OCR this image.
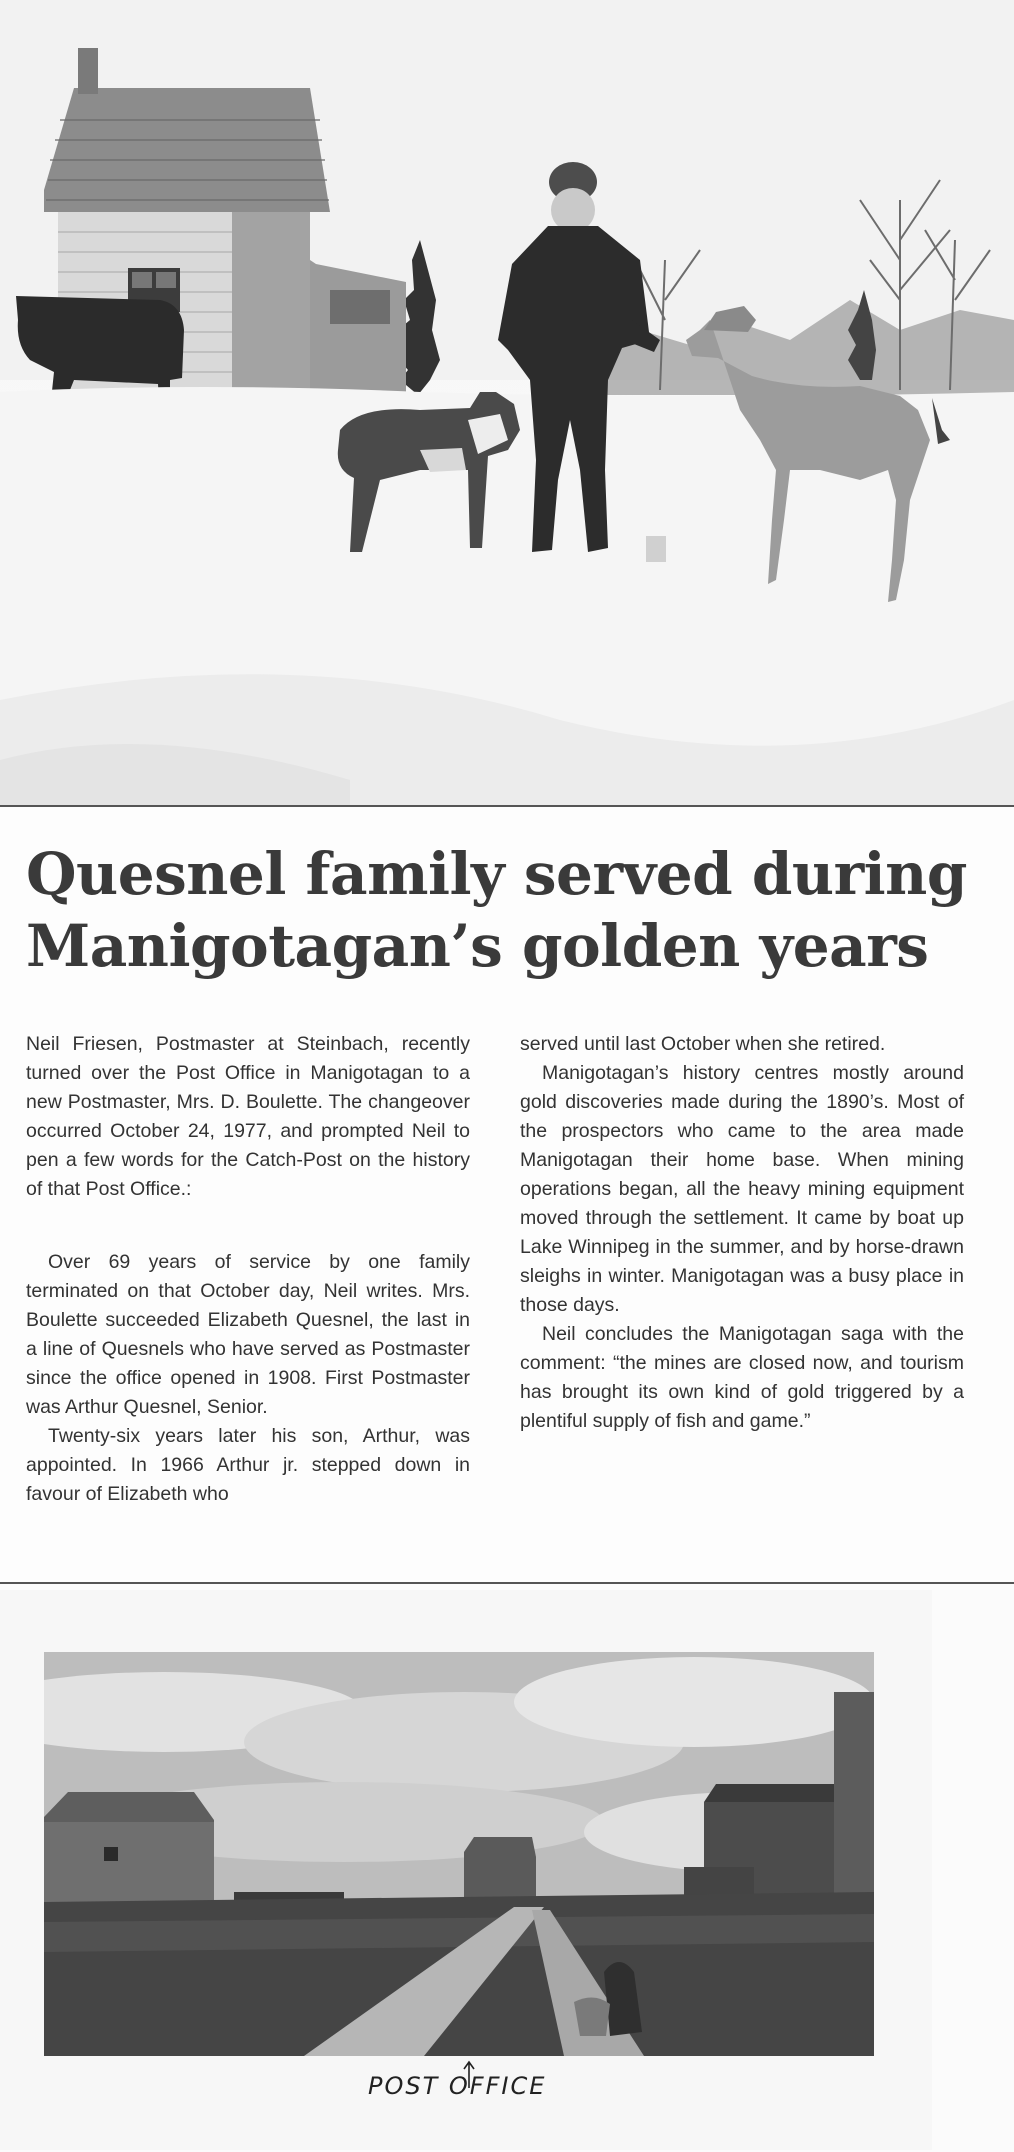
Quesnel family served during
Manigotagan’s golden years

Neil Friesen, Postmaster at Steinbach, recently turned over the Post Office in Manigotagan to a new Postmaster, Mrs. D. Boulette. The changeover occurred October 24, 1977, and prompted Neil to pen a few words for the Catch-Post on the history of that Post Office.:

Over 69 years of service by one family terminated on that October day, Neil writes. Mrs. Boulette succeeded Elizabeth Quesnel, the last in a line of Quesnels who have served as Postmaster since the office opened in 1908. First Postmaster was Arthur Quesnel, Senior.

Twenty-six years later his son, Arthur, was appointed. In 1966 Arthur jr. stepped down in favour of Elizabeth who

served until last October when she retired.

Manigotagan’s history centres mostly around gold discoveries made during the 1890’s. Most of the prospectors who came to the area made Manigotagan their home base. When mining operations began, all the heavy mining equipment moved through the settlement. It came by boat up Lake Winnipeg in the summer, and by horse-drawn sleighs in winter. Manigotagan was a busy place in those days.

Neil concludes the Manigotagan saga with the comment: “the mines are closed now, and tourism has brought its own kind of gold triggered by a plentiful supply of fish and game.”

POST OFFICE
